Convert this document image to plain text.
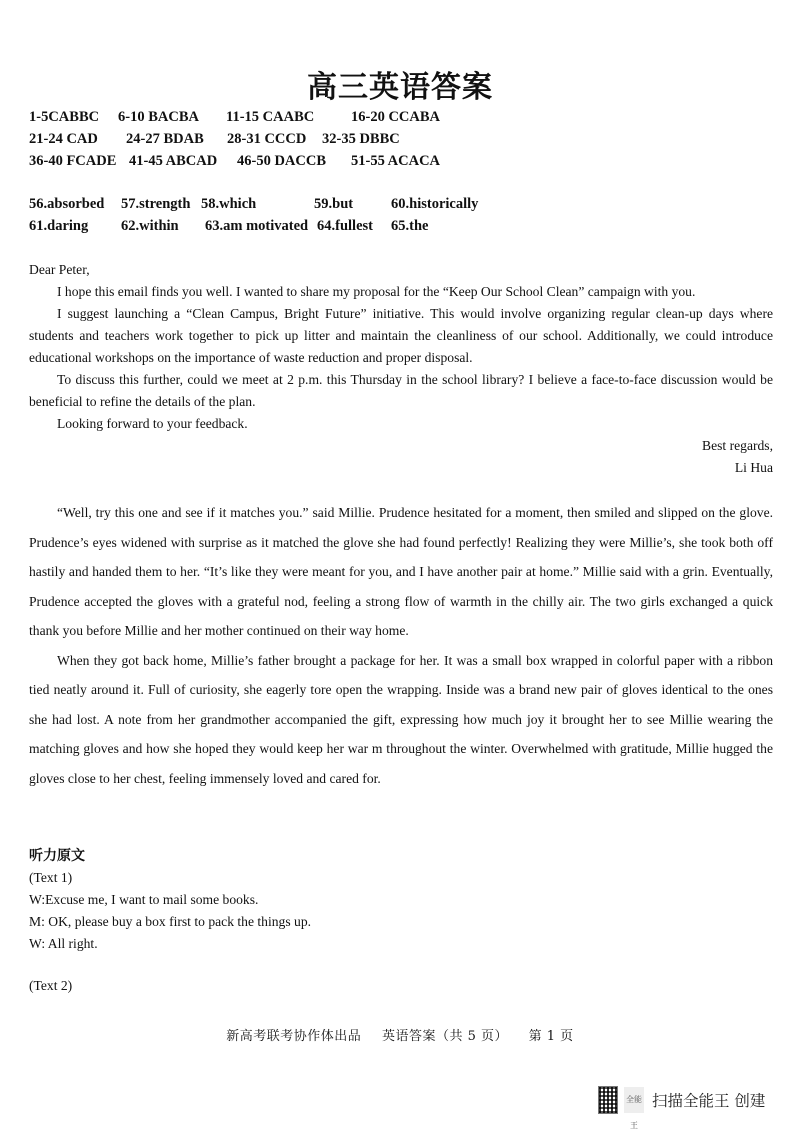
高三英语答案
1-5CABBC 6-10 BACBA 11-15 CAABC	16-20 CCABA
21-24 CAD 24-27 BDAB 28-31 CCCD 32-35 DBBC
36-40 FCADE 41-45 ABCAD 46-50 DACCB 51-55 ACACA
56.absorbed 57.strength 58.which	59.but	60.historically
61.daring 62.within 63.am motivated 64.fullest 65.the

Dear Peter,

I hope this email finds you well. I wanted to share my proposal for the “Keep Our School Clean” campaign with you.

I suggest launching a “Clean Campus, Bright Future” initiative. This would involve organizing regular clean-up days where students and teachers work together to pick up litter and maintain the cleanliness of our school. Additionally, we could introduce educational workshops on the importance of waste reduction and proper disposal.

To discuss this further, could we meet at 2 p.m. this Thursday in the school library? I believe a face-to-face discussion would be beneficial to refine the details of the plan.

Looking forward to your feedback.

Best regards,

Li Hua

“Well, try this one and see if it matches you.” said Millie. Prudence hesitated for a moment, then smiled and slipped on the glove. Prudence’s eyes widened with surprise as it matched the glove she had found perfectly! Realizing they were Millie’s, she took both off hastily and handed them to her. “It’s like they were meant for you, and I have another pair at home.” Millie said with a grin. Eventually, Prudence accepted the gloves with a grateful nod, feeling a strong flow of warmth in the chilly air. The two girls exchanged a quick thank you before Millie and her mother continued on their way home.

When they got back home, Millie’s father brought a package for her. It was a small box wrapped in colorful paper with a ribbon tied neatly around it. Full of curiosity, she eagerly tore open the wrapping. Inside was a brand new pair of gloves identical to the ones she had lost. A note from her grandmother accompanied the gift, expressing how much joy it brought her to see Millie wearing the matching gloves and how she hoped they would keep her war m throughout the winter. Overwhelmed with gratitude, Millie hugged the gloves close to her chest, feeling immensely loved and cared for.

听力原文

(Text 1)

W:Excuse me, I want to mail some books.

M: OK, please buy a box first to pack the things up.

W: All right.

(Text 2)

新高考联考协作体出品 英语答案（共 5 页） 第 1 页
全能王
扫描全能王 创建
